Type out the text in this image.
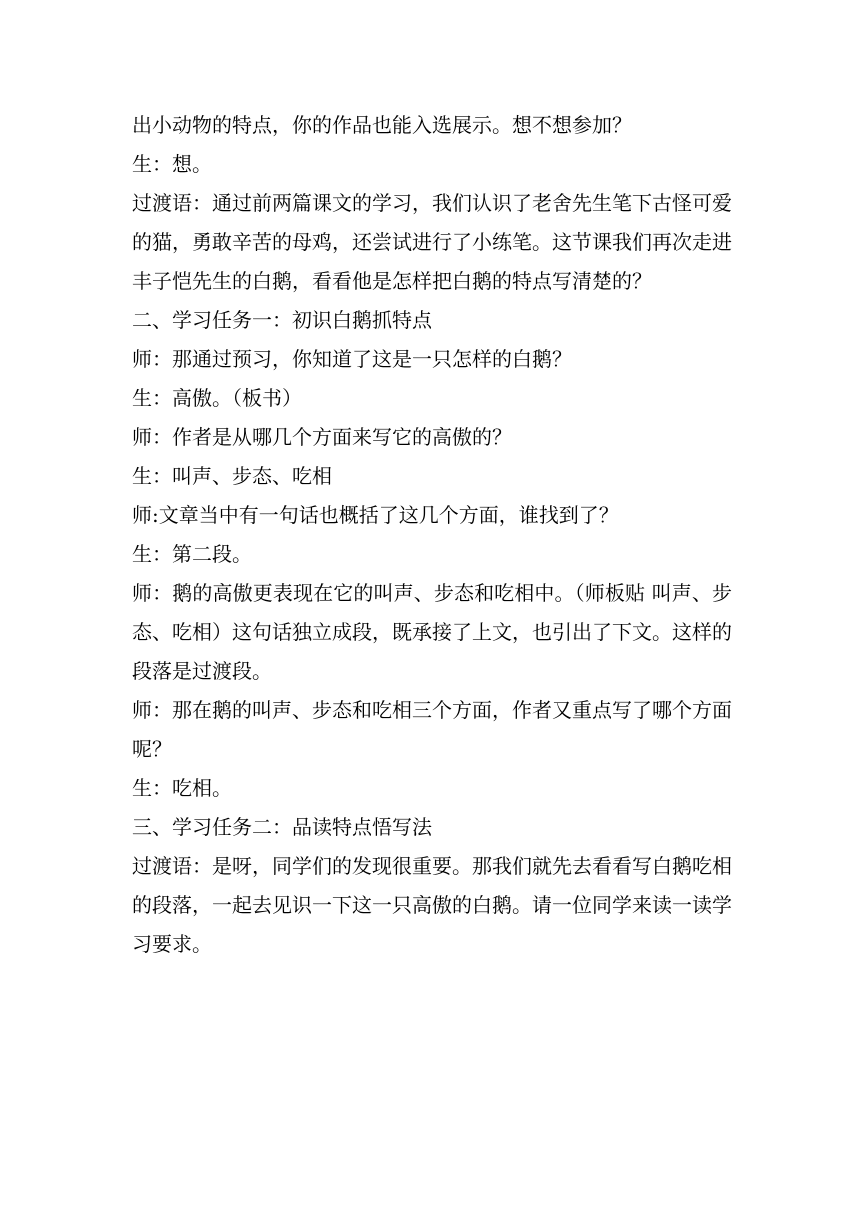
出小动物的特点，你的作品也能入选展示。想不想参加？

生：想。

过渡语：通过前两篇课文的学习，我们认识了老舍先生笔下古怪可爱的猫，勇敢辛苦的母鸡，还尝试进行了小练笔。这节课我们再次走进丰子恺先生的白鹅，看看他是怎样把白鹅的特点写清楚的？

二、学习任务一：初识白鹅抓特点

师：那通过预习，你知道了这是一只怎样的白鹅？

生：高傲。（板书）

师：作者是从哪几个方面来写它的高傲的？

生：叫声、步态、吃相

师:文章当中有一句话也概括了这几个方面，谁找到了？

生：第二段。

师：鹅的高傲更表现在它的叫声、步态和吃相中。（师板贴 叫声、步态、吃相）这句话独立成段，既承接了上文，也引出了下文。这样的段落是过渡段。

师：那在鹅的叫声、步态和吃相三个方面，作者又重点写了哪个方面呢？

生：吃相。

三、学习任务二：品读特点悟写法

过渡语：是呀，同学们的发现很重要。那我们就先去看看写白鹅吃相的段落，一起去见识一下这一只高傲的白鹅。请一位同学来读一读学习要求。
